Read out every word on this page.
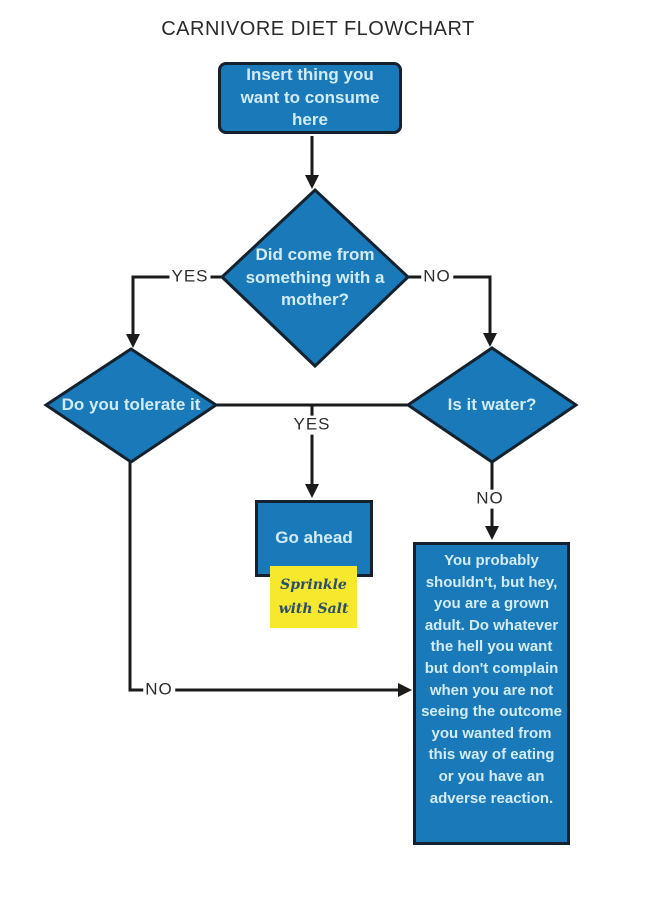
CARNIVORE DIET FLOWCHART
Insert thing you want to consume here
Go ahead
You probably shouldn't, but hey, you are a grown adult. Do whatever the hell you want but don't complain when you are not seeing the outcome you wanted from this way of eating or you have an adverse reaction.
Did come from something with a mother?
Do you tolerate it	Is it water?
YES	NO
YES
NO
NO
Sprinkle
with Salt
